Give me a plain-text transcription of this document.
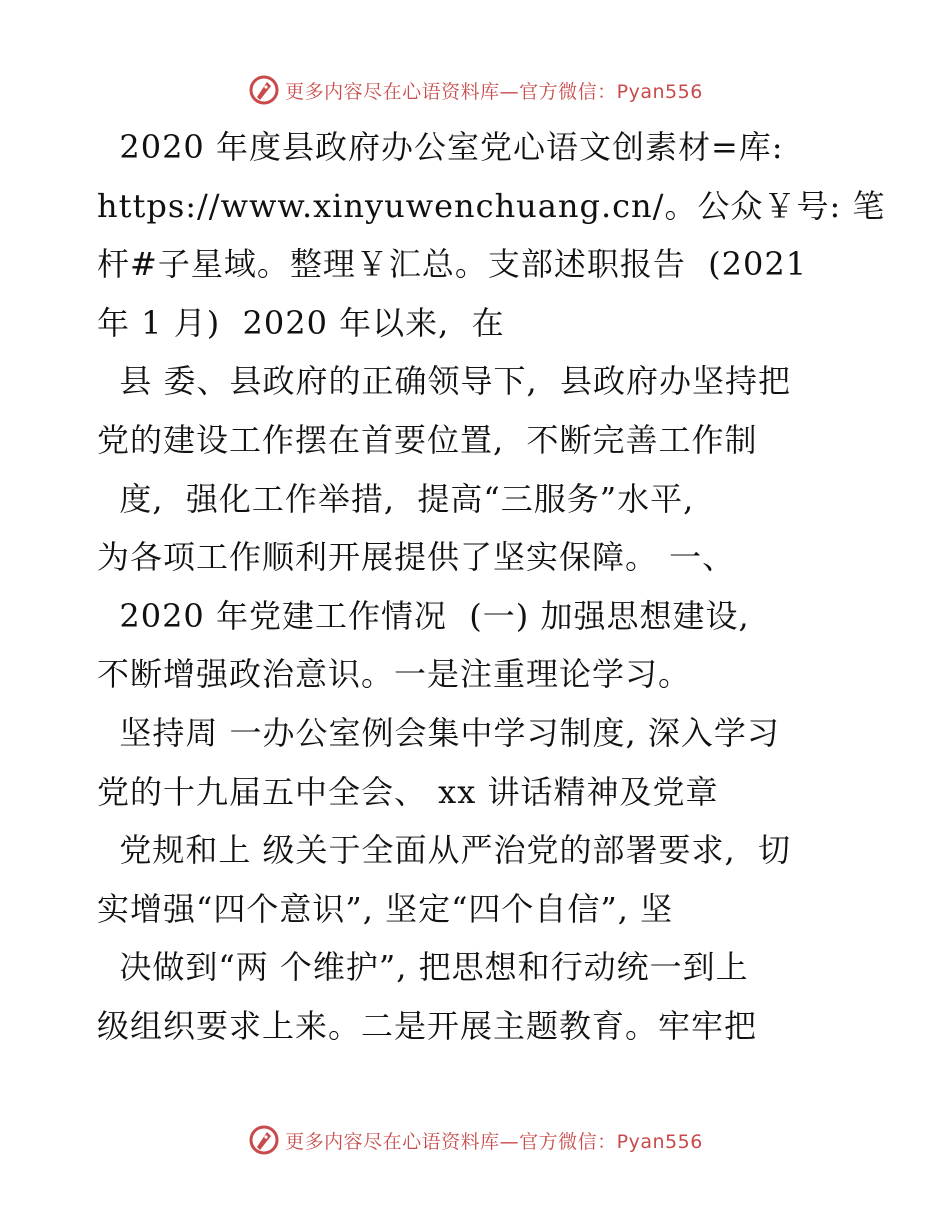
更多内容尽在心语资料库—官方微信：Pyan556
2020 年度县政府办公室党心语文创素材=库:
https://www.xinyuwenchuang.cn/。公众￥号: 笔
杆#子星域。整理￥汇总。支部述职报告  (2021
年 1 月)  2020 年以来,  在
县 委、县政府的正确领导下,  县政府办坚持把
党的建设工作摆在首要位置,  不断完善工作制
度,  强化工作举措,  提高“三服务”水平,
为各项工作顺利开展提供了坚实保障。 一、
2020 年党建工作情况  (一) 加强思想建设,
不断增强政治意识。一是注重理论学习。
坚持周 一办公室例会集中学习制度, 深入学习
党的十九届五中全会、 xx 讲话精神及党章
党规和上 级关于全面从严治党的部署要求,  切
实增强“四个意识”, 坚定“四个自信”, 坚
决做到“两 个维护”, 把思想和行动统一到上
级组织要求上来。二是开展主题教育。牢牢把
更多内容尽在心语资料库—官方微信：Pyan556
